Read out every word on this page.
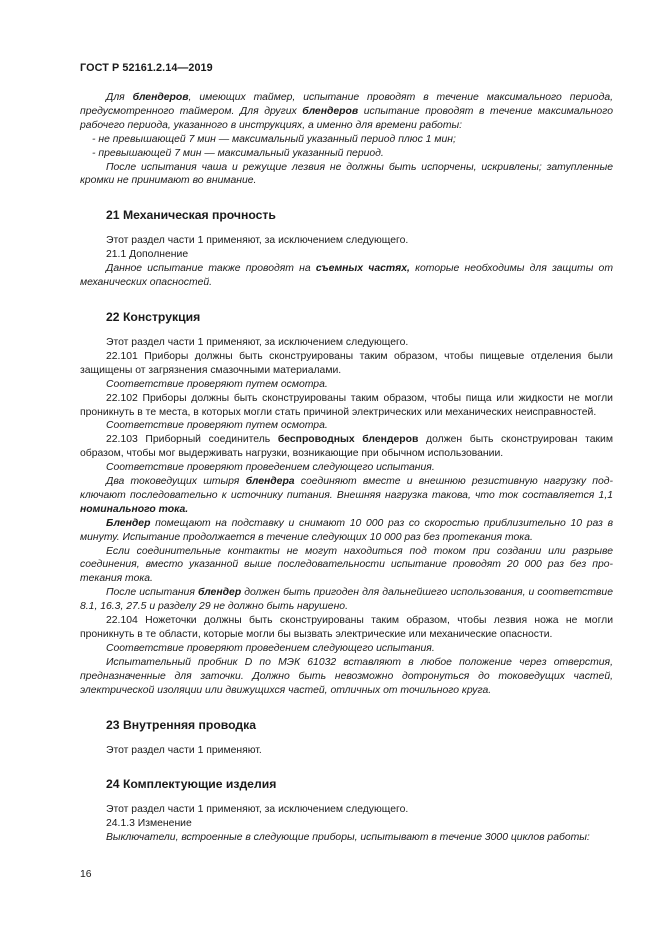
ГОСТ Р 52161.2.14—2019

Для блендеров, имеющих таймер, испытание проводят в течение максимального периода, предусмотренного таймером. Для других блендеров испытание проводят в течение максимального рабочего периода, указанного в инструкциях, а именно для времени работы:

- не превышающей 7 мин — максимальный указанный период плюс 1 мин;

- превышающей 7 мин — максимальный указанный период.

После испытания чаша и режущие лезвия не должны быть испорчены, искривлены; затупленные кромки не принимают во внимание.

21 Механическая прочность

Этот раздел части 1 применяют, за исключением следующего.

21.1 Дополнение

Данное испытание также проводят на съемных частях, которые необходимы для защиты от механических опасностей.

22 Конструкция

Этот раздел части 1 применяют, за исключением следующего.

22.101 Приборы должны быть сконструированы таким образом, чтобы пищевые отделения были защищены от загрязнения смазочными материалами.

Соответствие проверяют путем осмотра.

22.102 Приборы должны быть сконструированы таким образом, чтобы пища или жидкости не могли проникнуть в те места, в которых могли стать причиной электрических или механических неисправностей.

Соответствие проверяют путем осмотра.

22.103 Приборный соединитель беспроводных блендеров должен быть сконструирован таким образом, чтобы мог выдерживать нагрузки, возникающие при обычном использовании.

Соответствие проверяют проведением следующего испытания.

Два токоведущих штыря блендера соединяют вместе и внешнюю резистивную нагрузку подключают последовательно к источнику питания. Внешняя нагрузка такова, что ток составляется 1,1 номинального тока.

Блендер помещают на подставку и снимают 10 000 раз со скоростью приблизительно 10 раз в минуту. Испытание продолжается в течение следующих 10 000 раз без протекания тока.

Если соединительные контакты не могут находиться под током при создании или разрыве соединения, вместо указанной выше последовательности испытание проводят 20 000 раз без протекания тока.

После испытания блендер должен быть пригоден для дальнейшего использования, и соответствие 8.1, 16.3, 27.5 и разделу 29 не должно быть нарушено.

22.104 Ножеточки должны быть сконструированы таким образом, чтобы лезвия ножа не могли проникнуть в те области, которые могли бы вызвать электрические или механические опасности.

Соответствие проверяют проведением следующего испытания.

Испытательный пробник D по МЭК 61032 вставляют в любое положение через отверстия, предназначенные для заточки. Должно быть невозможно дотронуться до токоведущих частей, электрической изоляции или движущихся частей, отличных от точильного круга.

23 Внутренняя проводка

Этот раздел части 1 применяют.

24 Комплектующие изделия

Этот раздел части 1 применяют, за исключением следующего.

24.1.3 Изменение

Выключатели, встроенные в следующие приборы, испытывают в течение 3000 циклов работы:

16
